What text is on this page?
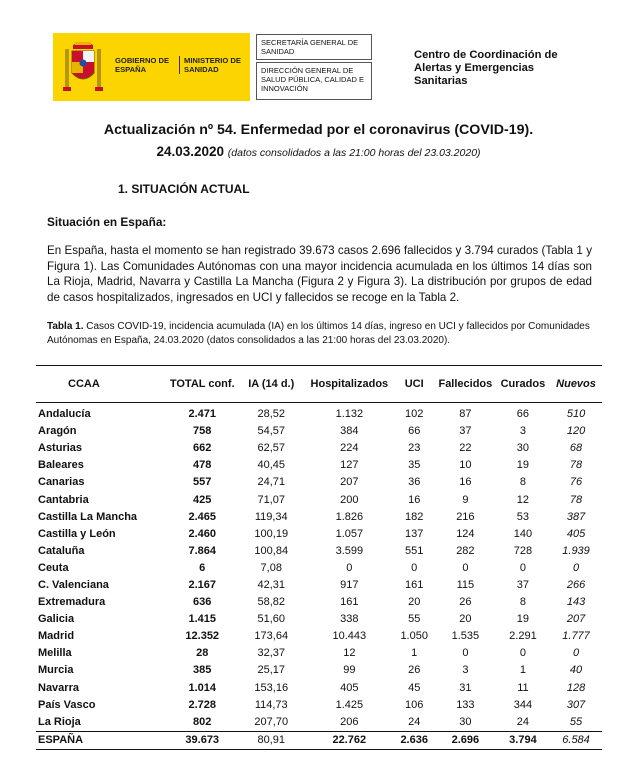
GOBIERNO DE ESPAÑA
MINISTERIO DE SANIDAD
SECRETARÍA GENERAL DE SANIDAD
DIRECCIÓN GENERAL DE SALUD PÚBLICA, CALIDAD E INNOVACIÓN
Centro de Coordinación de Alertas y Emergencias Sanitarias
Actualización nº 54. Enfermedad por el coronavirus (COVID-19).
24.03.2020 (datos consolidados a las 21:00 horas del 23.03.2020)
1. SITUACIÓN ACTUAL
Situación en España:
En España, hasta el momento se han registrado 39.673 casos 2.696 fallecidos y 3.794 curados (Tabla 1 y Figura 1). Las Comunidades Autónomas con una mayor incidencia acumulada en los últimos 14 días son La Rioja, Madrid, Navarra y Castilla La Mancha (Figura 2 y Figura 3). La distribución por grupos de edad de casos hospitalizados, ingresados en UCI y fallecidos se recoge en la Tabla 2.
Tabla 1. Casos COVID-19, incidencia acumulada (IA) en los últimos 14 días, ingreso en UCI y fallecidos por Comunidades Autónomas en España, 24.03.2020 (datos consolidados a las 21:00 horas del 23.03.2020).
CCAA	TOTAL conf.	IA (14 d.)	Hospitalizados	UCI	Fallecidos	Curados	Nuevos
Andalucía	2.471	28,52	1.132	102	87	66	510
Aragón	758	54,57	384	66	37	3	120
Asturias	662	62,57	224	23	22	30	68
Baleares	478	40,45	127	35	10	19	78
Canarias	557	24,71	207	36	16	8	76
Cantabria	425	71,07	200	16	9	12	78
Castilla La Mancha	2.465	119,34	1.826	182	216	53	387
Castilla y León	2.460	100,19	1.057	137	124	140	405
Cataluña	7.864	100,84	3.599	551	282	728	1.939
Ceuta	6	7,08	0	0	0	0	0
C. Valenciana	2.167	42,31	917	161	115	37	266
Extremadura	636	58,82	161	20	26	8	143
Galicia	1.415	51,60	338	55	20	19	207
Madrid	12.352	173,64	10.443	1.050	1.535	2.291	1.777
Melilla	28	32,37	12	1	0	0	0
Murcia	385	25,17	99	26	3	1	40
Navarra	1.014	153,16	405	45	31	11	128
País Vasco	2.728	114,73	1.425	106	133	344	307
La Rioja	802	207,70	206	24	30	24	55
ESPAÑA	39.673	80,91	22.762	2.636	2.696	3.794	6.584
